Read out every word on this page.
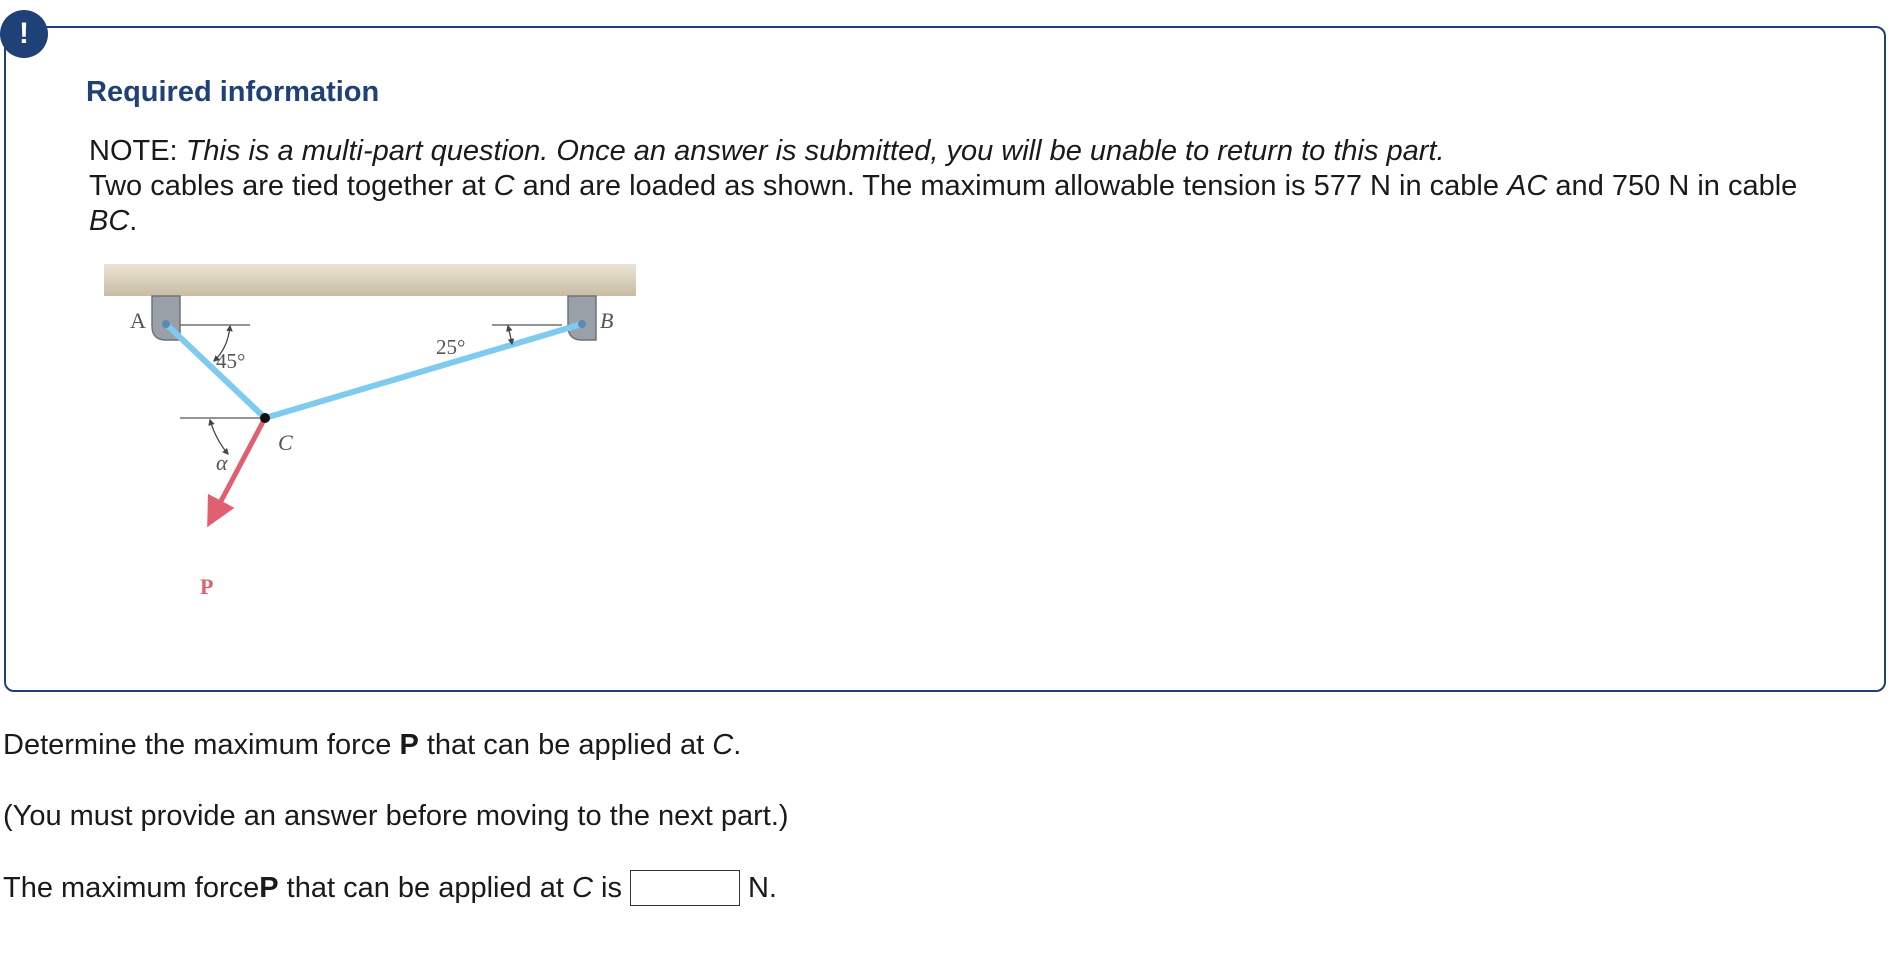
!
Required information
NOTE: This is a multi-part question. Once an answer is submitted, you will be unable to return to this part.
Two cables are tied together at C and are loaded as shown. The maximum allowable tension is 577 N in cable AC and 750 N in cable BC.
A	B
C
P
45°
25°
α
Determine the maximum force P that can be applied at C.
(You must provide an answer before moving to the next part.)
The maximum force P that can be applied at C is	N.
